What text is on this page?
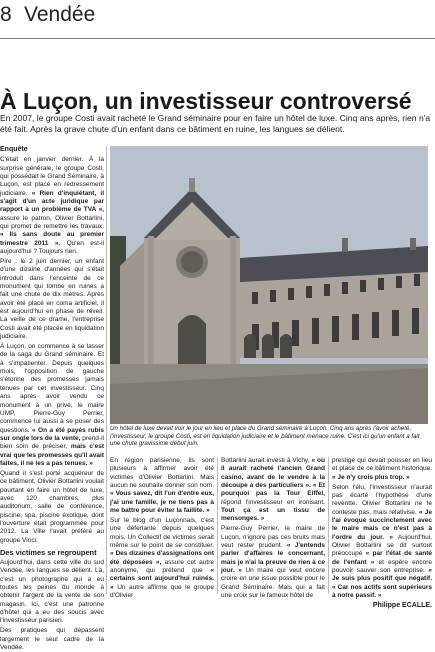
8 Vendée
À Luçon, un investisseur controversé

En 2007, le groupe Costi avait racheté le Grand séminaire pour en faire un hôtel de luxe. Cinq ans après, rien n'a été fait. Après la grave chute d'un enfant dans ce bâtiment en ruine, les langues se délient.

Enquête

C'était en janvier dernier. À la surprise générale, le groupe Costi, qui possédait le Grand Séminaire, à Luçon, est placé en redressement judiciaire. « Rien d'inquiétant, il s'agit d'un acte juridique par rapport à un problème de TVA », assure le patron, Olivier Bottarlini, qui promet de remettre les travaux. « Ils sans doute au premier trimestre 2011 ». Qu'en est-il aujourd'hui ? Toujours rien.

Pire : le 2 juin dernier, un enfant d'une dizaine d'années qui s'était introduit dans l'enceinte de ce monument qui tombe en ruines a fait une chute de dix mètres. Après avoir été placé en coma artificiel, il est aujourd'hui en phase de réveil. La veille de ce drame, l'entreprise Costi avait été placée en liquidation judiciaire.

À Luçon, on commence à se lasser de la saga du Grand séminaire. Et à s'impatienter. Depuis quelques mois, l'opposition de gauche s'étonne des promesses jamais tenues par cet investisseur. Cinq ans après avoir vendu ce monument à un privé, le maire UMP, Pierre-Guy Perrier, commence lui aussi à se poser des questions. « On a été payés rubis sur ongle lors de la vente, prend-il bien soin de préciser, mais c'est vrai que les promesses qu'il avait faites, il ne les a pas tenues. »

Quand il s'est porté acquéreur de ce bâtiment, Olivier Bottarlini voulait pourtant en faire un hôtel de luxe, avec 120 chambres, plus auditorium, salle de conférence, piscine, spa, piscine éxotique, dont l'ouverture était programmée pour 2012. La Ville l'avait préféré au groupe Vinci.

Des victimes se regroupent

Aujourd'hui, dans cette ville du sud Vendée, les langues se délient. Là, c'est un photographe qui a eu toutes les peines du monde à obtenir l'argent de la vente de son magasin. Ici, c'est une patronne d'hôtel qui a eu des soucis avec l'investisseur parisien.

Des pratiques qui dépassent largement le seul cadre de la Vendée.

Un hôtel de luxe devait voir le jour en lieu et place du Grand séminaire à Luçon. Cinq ans après l'avoir acheté, l'investisseur, le groupe Costi, est en liquidation judiciaire et le bâtiment menace ruine. C'est ici qu'un enfant a fait une chute gravissime début juin.

En région parisienne, ils sont plusieurs à affirmer avoir été victimes d'Olivier Bottarlini. Mais aucun ne souhaite donner son nom. « Vous savez, dit l'un d'entre eux, j'ai une famille, je ne tiens pas à me battre pour éviter la faillite. »

Sur le blog d'un Luçonnais, c'est une déferlante depuis quelques mois. Un Collectif de victimes serait même sur le point de se constituer. « Des dizaines d'assignations ont été déposées », assure cet autre anonyme, qui prétend que « certains sont aujourd'hui ruinés. » Un autre affirme que le groupe d'Olivier

Bottarlini aurait investi à Vichy, « où il aurait racheté l'ancien Grand casino, avant de le vendre à la découpe à des particuliers ». « Et pourquoi pas la Tour Eiffel, répond l'investisseur en ironisant. Tout ça est un tissu de mensonges. »

Pierre-Guy Perrier, le maire de Luçon, n'ignore pas ces bruits mais veut rester prudent. « J'entends parler d'affaires le concernant, mais je n'ai la preuve de rien à ce jour. » Un maire qui veut encore croire en une issue possible pour le Grand Séminaire. Mais qui a fait une croix sur le fameux hôtel de

prestige qui devait pousser en lieu et place de ce bâtiment historique. « Je n'y crois plus trop. »

Selon l'élu, l'investisseur n'aurait pas écarté l'hypothèse d'une reventte. Olivier Bottarlini ne le conteste pas, mais relativise. « Je l'ai évoqué succinctement avec le maire mais ce n'est pas à l'ordre du jour. » Aujourd'hui, Olivier Bottarlini se dit surtout préoccupé « par l'état de santé de l'enfant » et espère encore pouvoir sauver son entreprise. « Je suis plus positif que négatif. « Car nos actifs sont supérieurs à notre passif. »

Philippe ECALLE.
